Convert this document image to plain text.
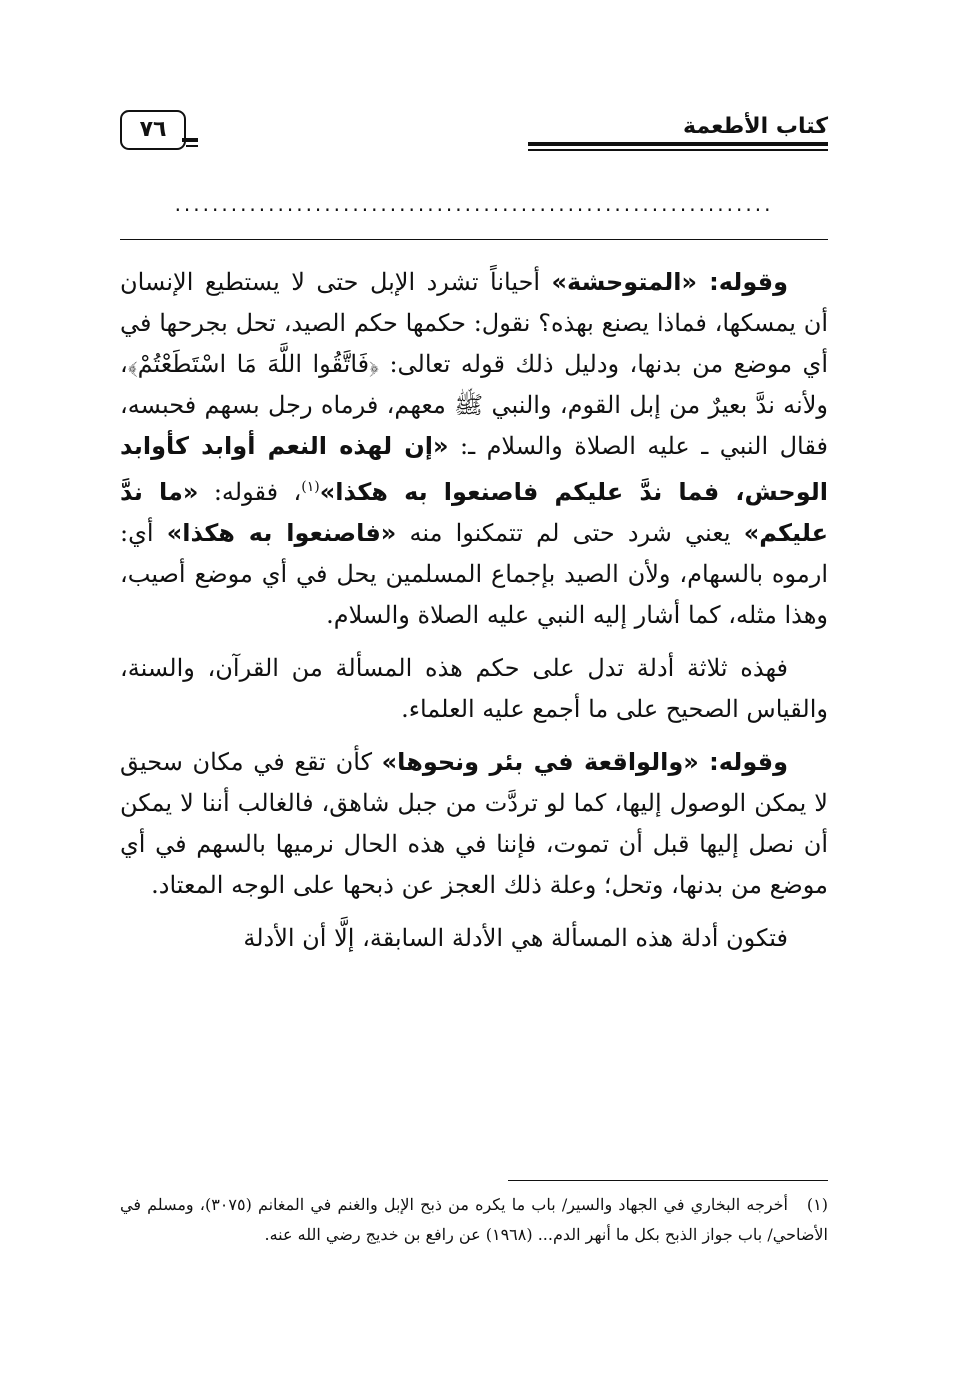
كتاب الأطعمة
٧٦
................................................................

وقوله: «المتوحشة» أحياناً تشرد الإبل حتى لا يستطيع الإنسان أن يمسكها، فماذا يصنع بهذه؟ نقول: حكمها حكم الصيد، تحل بجرحها في أي موضع من بدنها، ودليل ذلك قوله تعالى: ﴿فَاتَّقُوا اللَّهَ مَا اسْتَطَعْتُمْ﴾، ولأنه ندَّ بعيرٌ من إبل القوم، والنبي ﷺ معهم، فرماه رجل بسهم فحبسه، فقال النبي ـ عليه الصلاة والسلام ـ: «إن لهذه النعم أوابد كأوابد الوحش، فما ندَّ عليكم فاصنعوا به هكذا»$^{(١)}$، فقوله: «ما ندَّ عليكم» يعني شرد حتى لم تتمكنوا منه «فاصنعوا به هكذا» أي: ارموه بالسهام، ولأن الصيد بإجماع المسلمين يحل في أي موضع أصيب، وهذا مثله، كما أشار إليه النبي عليه الصلاة والسلام.

فهذه ثلاثة أدلة تدل على حكم هذه المسألة من القرآن، والسنة، والقياس الصحيح على ما أجمع عليه العلماء.

وقوله: «والواقعة في بئر ونحوها» كأن تقع في مكان سحيق لا يمكن الوصول إليها، كما لو تردَّت من جبل شاهق، فالغالب أننا لا يمكن أن نصل إليها قبل أن تموت، فإننا في هذه الحال نرميها بالسهم في أي موضع من بدنها، وتحل؛ وعلة ذلك العجز عن ذبحها على الوجه المعتاد.

فتكون أدلة هذه المسألة هي الأدلة السابقة، إلَّا أن الأدلة

(١)أخرجه البخاري في الجهاد والسير/ باب ما يكره من ذبح الإبل والغنم في المغانم (٣٠٧٥)، ومسلم في الأضاحي/ باب جواز الذبح بكل ما أنهر الدم... (١٩٦٨) عن رافع بن خديج رضي الله عنه.
